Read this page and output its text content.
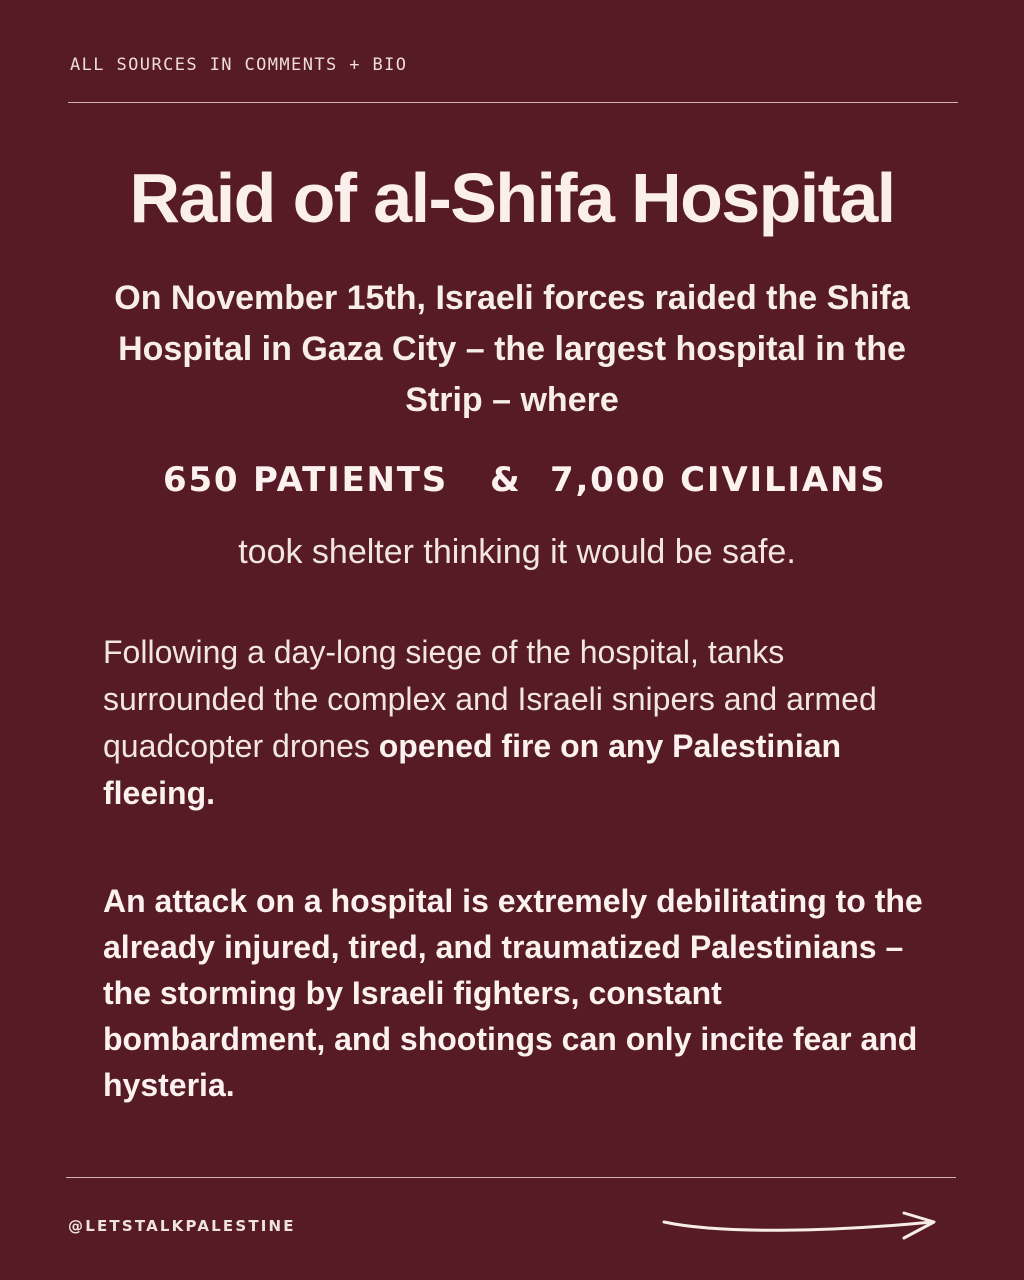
ALL SOURCES IN COMMENTS + BIO
Raid of al-Shifa Hospital

On November 15th, Israeli forces raided the Shifa Hospital in Gaza City – the largest hospital in the Strip – where

650 PATIENTS & 7,000 CIVILIANS

took shelter thinking it would be safe.

Following a day-long siege of the hospital, tanks surrounded the complex and Israeli snipers and armed quadcopter drones opened fire on any Palestinian fleeing.

An attack on a hospital is extremely debilitating to the already injured, tired, and traumatized Palestinians – the storming by Israeli fighters, constant bombardment, and shootings can only incite fear and hysteria.

@LETSTALKPALESTINE
